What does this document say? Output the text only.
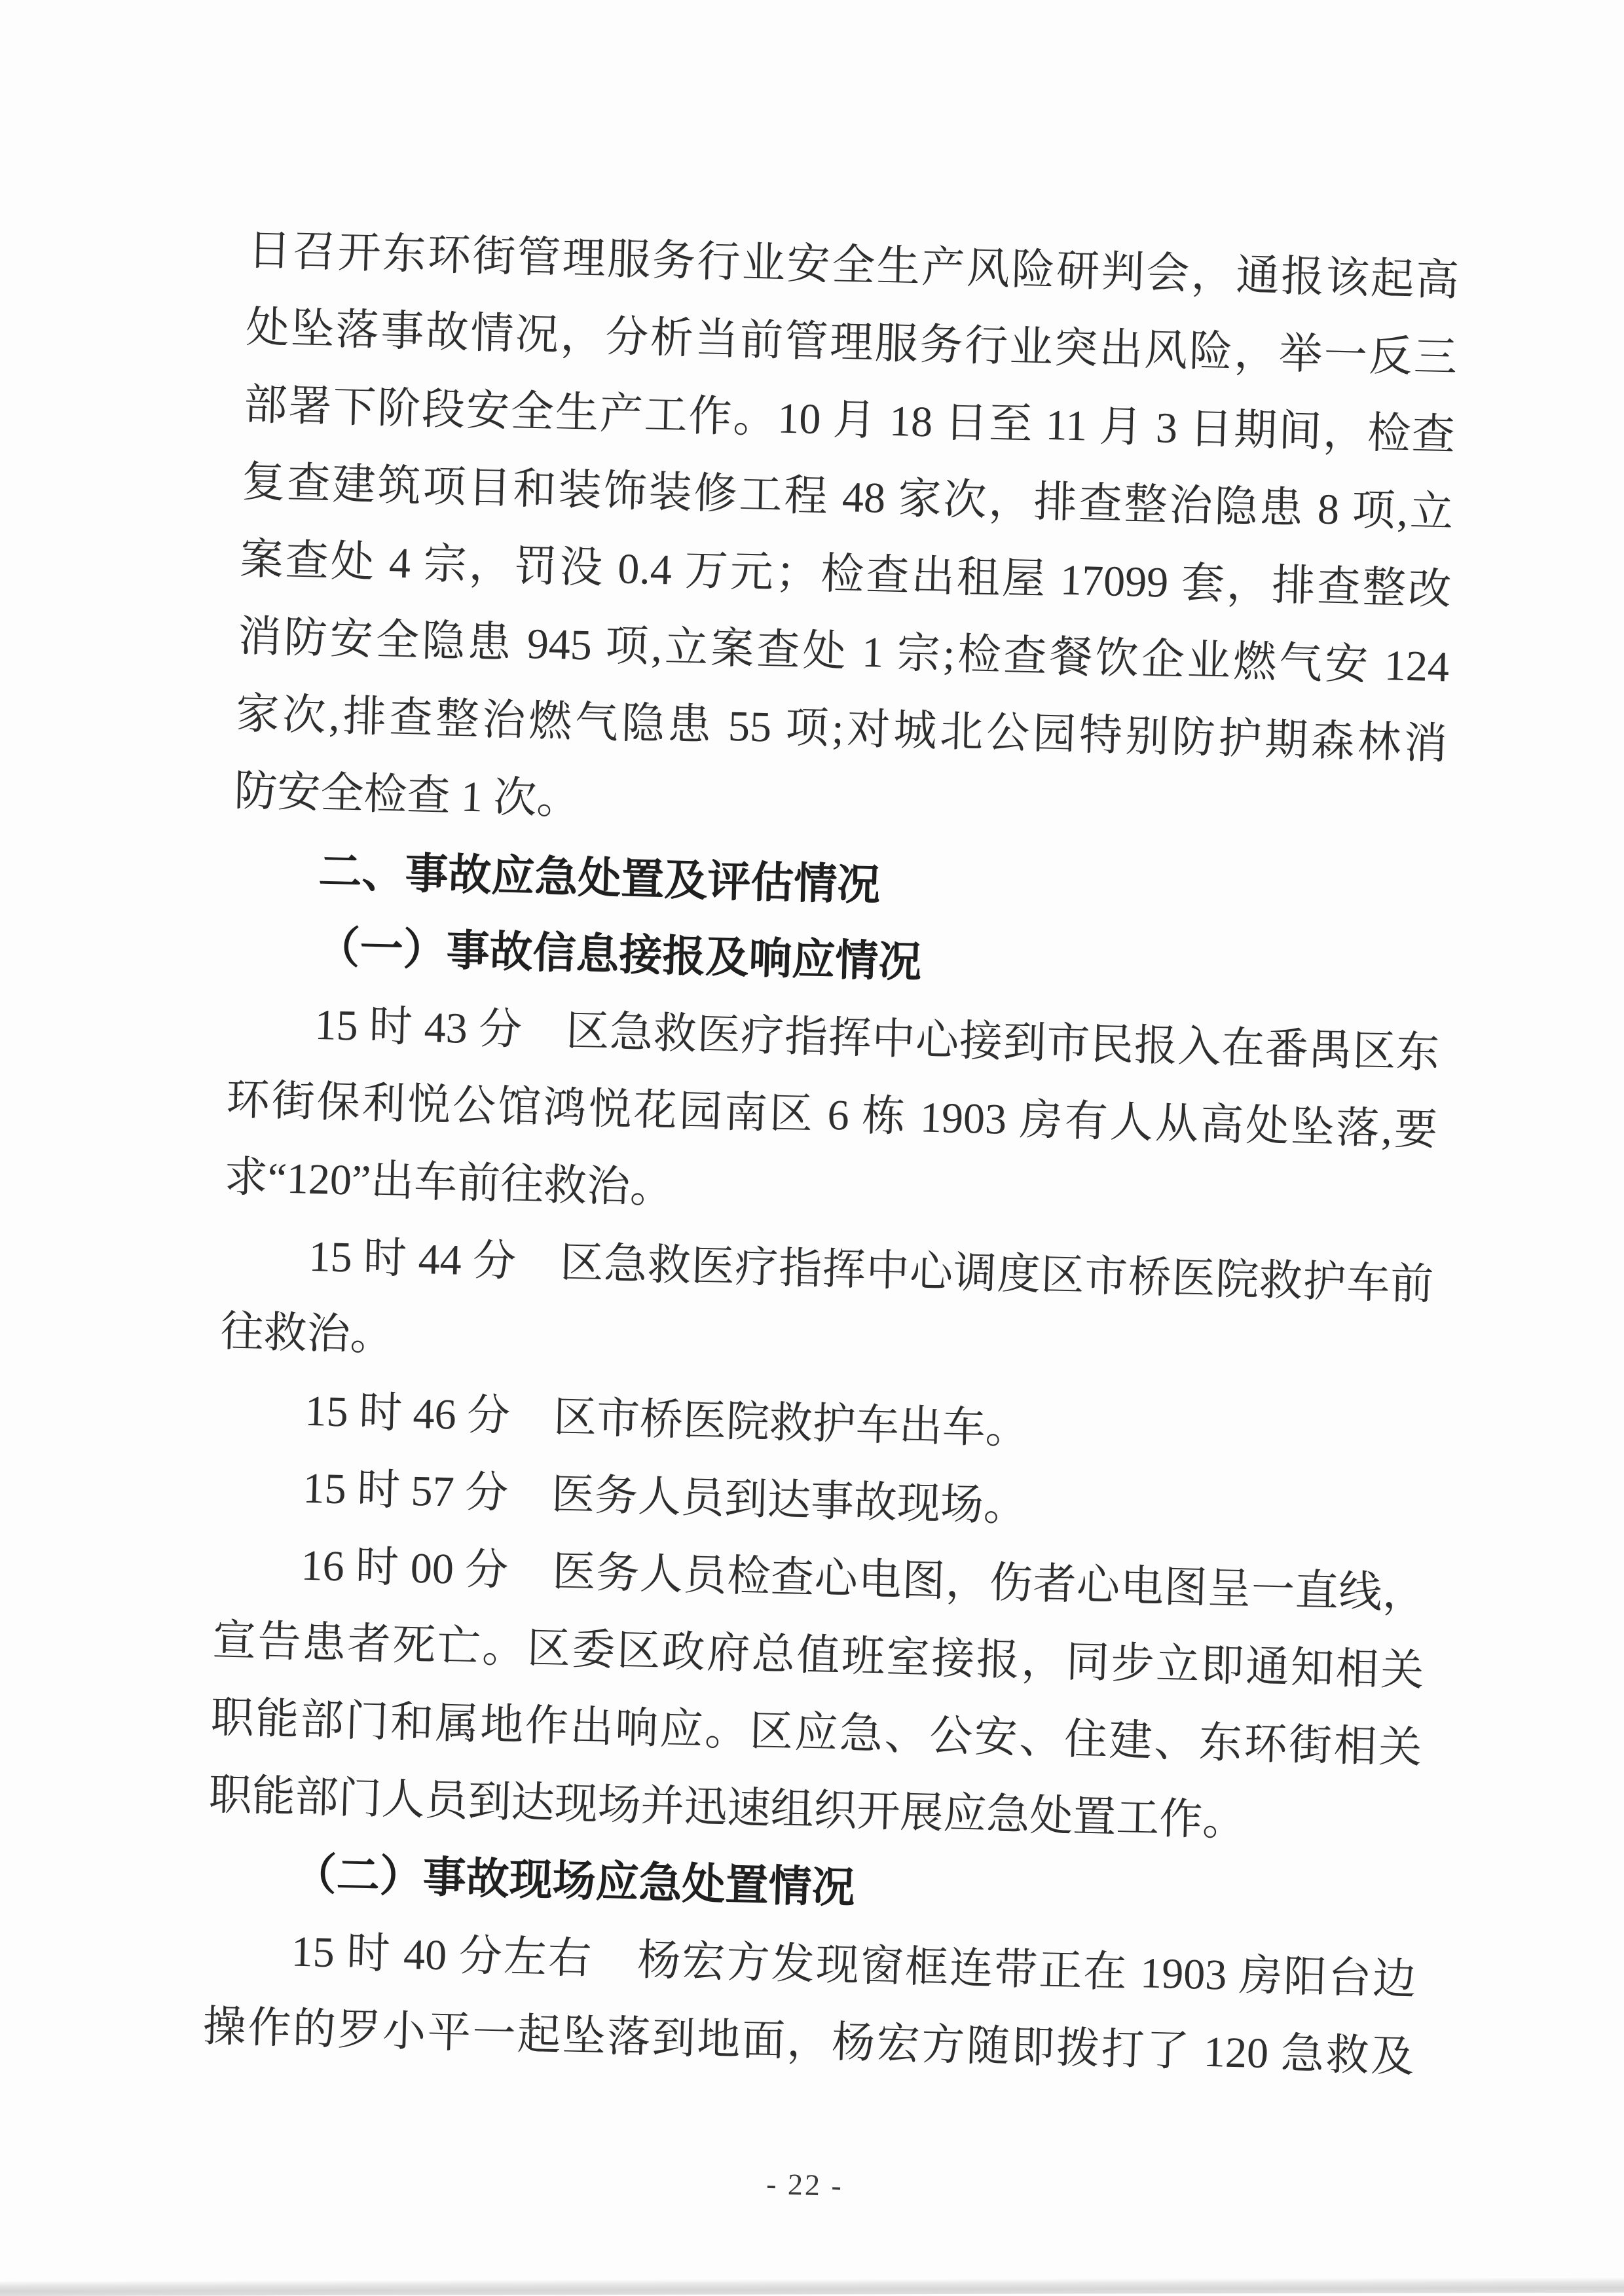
日召开东环街管理服务行业安全生产风险研判会，通报该起高
处坠落事故情况，分析当前管理服务行业突出风险，举一反三
部署下阶段安全生产工作。10 月 18 日至 11 月 3 日期间，检查
复查建筑项目和装饰装修工程 48 家次，排查整治隐患 8 项,立
案查处 4 宗，罚没 0.4 万元；检查出租屋 17099 套，排查整改
消防安全隐患 945 项,立案查处 1 宗;检查餐饮企业燃气安 124
家次,排查整治燃气隐患 55 项;对城北公园特别防护期森林消
防安全检查 1 次。
二、事故应急处置及评估情况
（一）事故信息接报及响应情况
15 时 43 分　区急救医疗指挥中心接到市民报入在番禺区东
环街保利悦公馆鸿悦花园南区 6 栋 1903 房有人从高处坠落,要
求“120”出车前往救治。
15 时 44 分　区急救医疗指挥中心调度区市桥医院救护车前
往救治。
15 时 46 分　区市桥医院救护车出车。
15 时 57 分　医务人员到达事故现场。
16 时 00 分　医务人员检查心电图，伤者心电图呈一直线，
宣告患者死亡。区委区政府总值班室接报，同步立即通知相关
职能部门和属地作出响应。区应急、公安、住建、东环街相关
职能部门人员到达现场并迅速组织开展应急处置工作。
（二）事故现场应急处置情况
15 时 40 分左右　杨宏方发现窗框连带正在 1903 房阳台边
操作的罗小平一起坠落到地面，杨宏方随即拨打了 120 急救及
- 22 -
